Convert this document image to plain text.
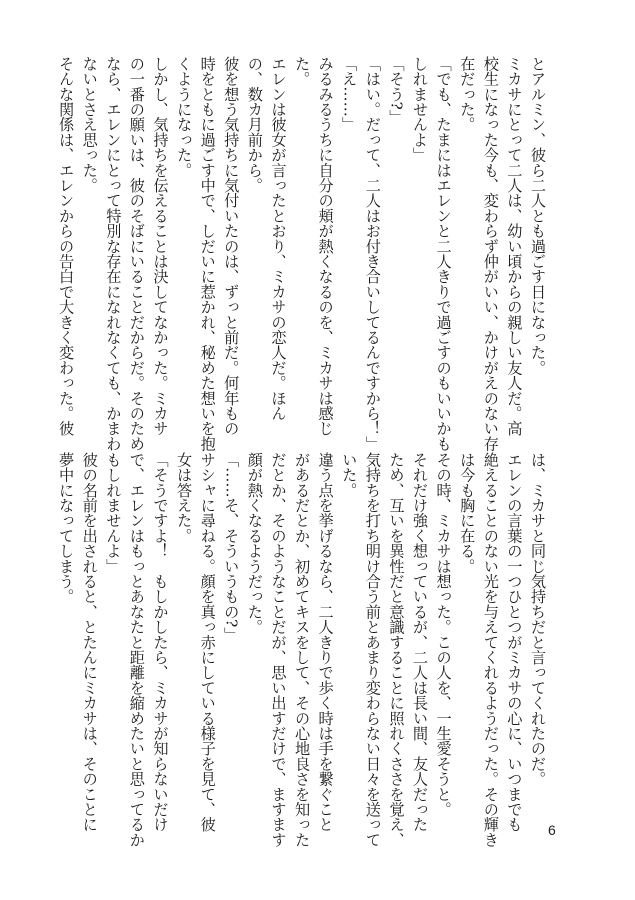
とアルミン、彼ら二人とも過ごす日になった。
ミカサにとって二人は、幼い頃からの親しい友人だ。高
校生になった今も、変わらず仲がいい、かけがえのない存
在だった。
「でも、たまにはエレンと二人きりで過ごすのもいいかも
しれませんよ」
「そう?」
「はい。だって、二人はお付き合いしてるんですから！」
「え……」
みるみるうちに自分の頬が熱くなるのを、ミカサは感じ
た。
エレンは彼女が言ったとおり、ミカサの恋人だ。ほん
の、数カ月前から。
彼を想う気持ちに気付いたのは、ずっと前だ。何年もの
時をともに過ごす中で、しだいに惹かれ、秘めた想いを抱
くようになった。
しかし、気持ちを伝えることは決してなかった。ミカサ
の一番の願いは、彼のそばにいることだからだ。そのため
なら、エレンにとって特別な存在になれなくても、かまわ
ないとさえ思った。
そんな関係は、エレンからの告白で大きく変わった。彼
は、ミカサと同じ気持ちだと言ってくれたのだ。
エレンの言葉の一つひとつがミカサの心に、いつまでも
絶えることのない光を与えてくれるようだった。その輝き
は今も胸に在る。
その時、ミカサは想った。この人を、一生愛そうと。
それだけ強く想っているが、二人は長い間、友人だった
ため、互いを異性だと意識することに照れくささを覚え、
気持ちを打ち明け合う前とあまり変わらない日々を送って
いた。
違う点を挙げるなら、二人きりで歩く時は手を繋ぐこと
があるだとか、初めてキスをして、その心地良さを知った
だとか、そのようなことだが、思い出すだけで、ますます
顔が熱くなるようだった。
「……そ、そういうもの?」
サシャに尋ねる。顔を真っ赤にしている様子を見て、彼
女は答えた。
「そうですよ！　もしかしたら、ミカサが知らないだけ
で、エレンはもっとあなたと距離を縮めたいと思ってるか
もしれませんよ」
彼の名前を出されると、とたんにミカサは、そのことに
夢中になってしまう。
6
